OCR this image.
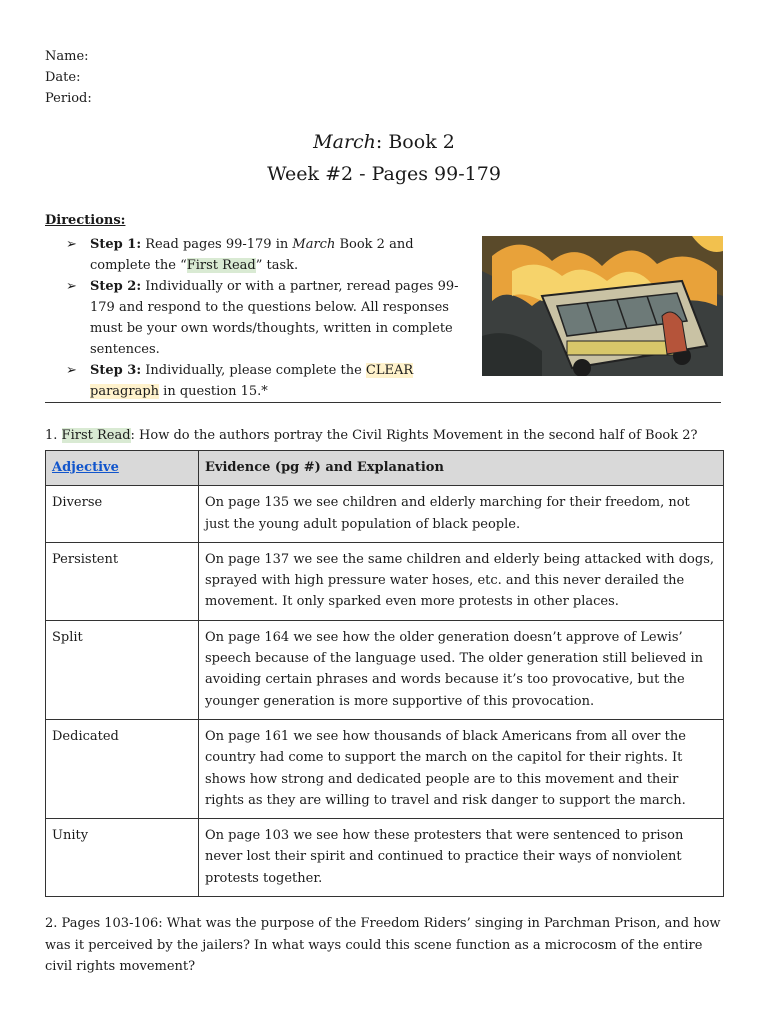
Name:
Date:
Period:
March: Book 2
Week #2 - Pages 99-179
Directions:
➢ Step 1: Read pages 99-179 in March Book 2 and complete the “First Read” task.
➢ Step 2: Individually or with a partner, reread pages 99-179 and respond to the questions below. All responses must be your own words/thoughts, written in complete sentences.
➢ Step 3: Individually, please complete the CLEAR paragraph in question 15.*
1. First Read: How do the authors portray the Civil Rights Movement in the second half of Book 2?
Adjective	Evidence (pg #) and Explanation
Diverse	On page 135 we see children and elderly marching for their freedom, not just the young adult population of black people.
Persistent	On page 137 we see the same children and elderly being attacked with dogs, sprayed with high pressure water hoses, etc. and this never derailed the movement. It only sparked even more protests in other places.
Split	On page 164 we see how the older generation doesn’t approve of Lewis’ speech because of the language used. The older generation still believed in avoiding certain phrases and words because it’s too provocative, but the younger generation is more supportive of this provocation.
Dedicated	On page 161 we see how thousands of black Americans from all over the country had come to support the march on the capitol for their rights. It shows how strong and dedicated people are to this movement and their rights as they are willing to travel and risk danger to support the march.
Unity	On page 103 we see how these protesters that were sentenced to prison never lost their spirit and continued to practice their ways of nonviolent protests together.
2. Pages 103-106: What was the purpose of the Freedom Riders’ singing in Parchman Prison, and how was it perceived by the jailers? In what ways could this scene function as a microcosm of the entire civil rights movement?
